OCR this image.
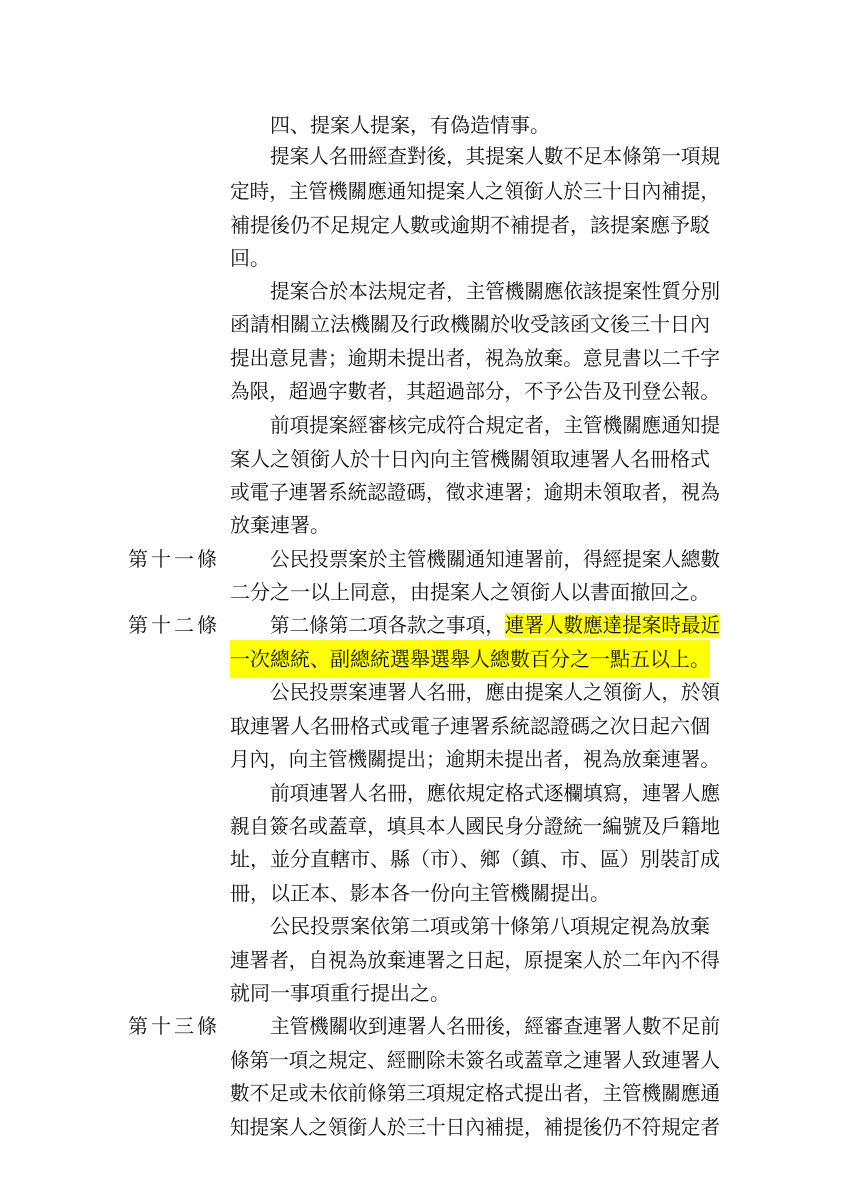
四、提案人提案，有偽造情事。
提案人名冊經查對後，其提案人數不足本條第一項規
定時，主管機關應通知提案人之領銜人於三十日內補提，
補提後仍不足規定人數或逾期不補提者，該提案應予駁
回。
提案合於本法規定者，主管機關應依該提案性質分別
函請相關立法機關及行政機關於收受該函文後三十日內
提出意見書；逾期未提出者，視為放棄。意見書以二千字
為限，超過字數者，其超過部分，不予公告及刊登公報。
前項提案經審核完成符合規定者，主管機關應通知提
案人之領銜人於十日內向主管機關領取連署人名冊格式
或電子連署系統認證碼，徵求連署；逾期未領取者，視為
放棄連署。
第十一條	公民投票案於主管機關通知連署前，得經提案人總數
二分之一以上同意，由提案人之領銜人以書面撤回之。
第十二條	第二條第二項各款之事項，連署人數應達提案時最近
一次總統、副總統選舉選舉人總數百分之一點五以上。
公民投票案連署人名冊，應由提案人之領銜人，於領
取連署人名冊格式或電子連署系統認證碼之次日起六個
月內，向主管機關提出；逾期未提出者，視為放棄連署。
前項連署人名冊，應依規定格式逐欄填寫，連署人應
親自簽名或蓋章，填具本人國民身分證統一編號及戶籍地
址，並分直轄市、縣（市）、鄉（鎮、市、區）別裝訂成
冊，以正本、影本各一份向主管機關提出。
公民投票案依第二項或第十條第八項規定視為放棄
連署者，自視為放棄連署之日起，原提案人於二年內不得
就同一事項重行提出之。
第十三條	主管機關收到連署人名冊後，經審查連署人數不足前
條第一項之規定、經刪除未簽名或蓋章之連署人致連署人
數不足或未依前條第三項規定格式提出者，主管機關應通
知提案人之領銜人於三十日內補提，補提後仍不符規定者
